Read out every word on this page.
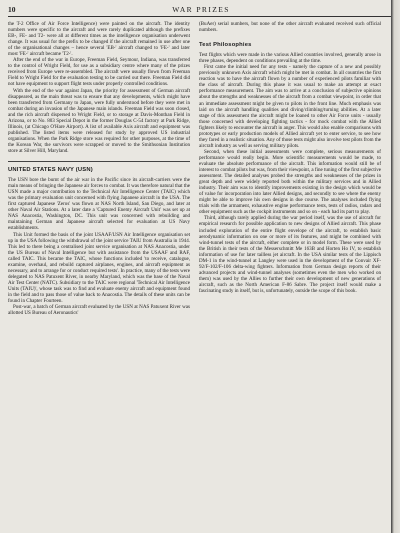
10	WAR PRIZES

the T-2 Office of Air Force Intelligence) were painted on the aircraft. The identity numbers were specific to the aircraft and were rarely duplicated although the prefixes EB-, FE- and T2- were all at different times as the intelligence organisation underwent change. It was usual for the prefix to be changed if the aircraft remained in use after one of the organisational changes – hence several 'EB-' aircraft changed to 'FE-' and later most 'FE-' aircraft became 'T2-'.

After the end of the war in Europe, Freeman Field, Seymour, Indiana, was transferred to the control of Wright Field, for use as a subsidiary centre where many of the prizes received from Europe were re-assembled. The aircraft were usually flown from Freeman Field to Wright Field for the evaluation testing to be carried out there. Freeman Field did not have equipment to support flight tests under properly controlled conditions.

With the end of the war against Japan, the priority for assessment of German aircraft disappeared, as the main threat was to ensure that any developments, which might have been transferred from Germany to Japan, were fully understood before they were met in combat during an invasion of the Japanese main islands. Freeman Field was soon closed, and the rich aircraft dispersed to Wright Field, or to storage at Davis-Monthan Field in Arizona, or to No. 803 Special Depot in the former Douglas C-54 factory at Park Ridge, Illinois, (at Chicago O'Hare Airport). A list of available Axis aircraft and equipment was published. The listed items were released for study by approved US industrial organisations. When the Park Ridge store was required for other purposes, at the time of the Korean War, the survivors were scrapped or moved to the Smithsonian Institution store at Silver Hill, Maryland.

UNITED STATES NAVY (USN)

The USN bore the burnt of the air war in the Pacific since its aircraft-carriers were the main means of bringing the Japanese air forces to combat. It was therefore natural that the USN made a major contribution to the Technical Air Intelligence Center (TAIC) which was the primary evaluation unit concerned with flying Japanese aircraft in the USA. The first captured Japanese 'Zeros' was flown at NAS North Island, San Diego, and later at other Naval Air Stations. At a later date a 'Captured Enemy Aircraft Unit' was set up at NAS Anacostia, Washington, DC. This unit was concerned with rebuilding and maintaining German and Japanese aircraft selected for evaluation at US Navy establishments.

This Unit formed the basis of the joint USAAF/USN Air Intelligence organisation set up in the USA following the withdrawal of the joint service TAIU from Australia in 1944. This led to there being a centralised joint service organisation at NAS Anacostia, under the US Bureau of Naval Intelligence but with assistance from the USAAF and RAF, called TAIC. This became the TAIC, whose functions included 'to receive, catalogue, examine, overhaul, and rebuild captured airplanes, engines, and aircraft equipment as necessary, and to arrange for or conduct required tests'. In practice, many of the tests were delegated to NAS Patuxent River, in nearby Maryland, which was the base of the Naval Air Test Center (NATC). Subsidiary to the TAIC were regional 'Technical Air Intelligence Units (TAIU)', whose task was to find and evaluate enemy aircraft and equipment found in the field and to pass those of value back to Anacostia. The details of these units can be found in Chapter Fourteen.

Post-war, a batch of German aircraft evaluated by the USN at NAS Patuxent River was allotted US Bureau of Aeronautics'

(BuAer) serial numbers, but none of the other aircraft evaluated received such official numbers.

Test Philosophies

Test flights which were made in the various Allied countries involved, generally arose in three phases, dependent on conditions prevailing at the time.

First came the initial need for any tests - namely the capture of a new and possibly previously unknown Axis aircraft which might be met in combat. In all countries the first reaction was to have the aircraft flown by a number of experienced pilots familiar with the class of aircraft. During this phase it was usual to make an attempt at exact performance measurement. The aim was to arrive at a conclusion of subjective opinions about the strengths and weaknesses of the aircraft from a combat viewpoint, in order that an immediate assessment might be given to pilots in the front line. Much emphasis was laid on the aircraft handling qualities and diving/climbing/turning abilities. At a later stage of this assessment the aircraft might be loaned to other Air Force units - usually those concerned with developing fighting tactics - for mock combat with the Allied fighters likely to encounter the aircraft in anger. This would also enable comparisons with prototypes or early production models of Allied aircraft yet to enter service, to see how they fared in a realistic situation. Any of those tests might also involve test pilots from the aircraft industry as well as serving military pilots.

Second, when these initial assessments were complete, serious measurements of performance would really begin. More scientific measurements would be made, to evaluate the absolute performance of the aircraft. This information would still be of interest to combat pilots but was, from their viewpoint, a fine tuning of the first subjective assessment. The detailed analyses probed the strengths and weaknesses of the prizes in great depth and were widely reported both within the military services and in Allied industry. Their aim was to identify improvements existing in the design which would be of value for incorporation into later Allied designs, and secondly to see where the enemy might be able to improve his own designs in due course. The analyses included flying trials with the armament, exhaustive engine performance tests, tests of radios, radars and other equipment such as the cockpit instruments and so on - each had its part to play.

Third, although rarely applied during the war period itself, was the use of aircraft for empirical research for possible application to new designs of Allied aircraft. This phase included exploration of the entire flight envelope of the aircraft, to establish basic aerodynamic information on one or more of its features, and might be combined with wind-tunnel tests of the aircraft, either complete or in model form. These were used by the British in their tests of the Messerschmitt Me 163B and Horten Ho IV, to establish information of use for later tailless jet aircraft. In the USA similar tests of the Lippisch DM-1 in the wind-tunnel at Langley were used in the development of the Convair XF-92/F-102/F-106 delta-wing fighters. Information from German design reports of their advanced projects and wind-tunnel analyses (sometimes even the men who worked on them) was used by the Allies to further their own development of new generations of aircraft, such as the North American F-86 Sabre. The project itself would make a fascinating study in itself, but is, unfortunately, outside the scope of this book.
